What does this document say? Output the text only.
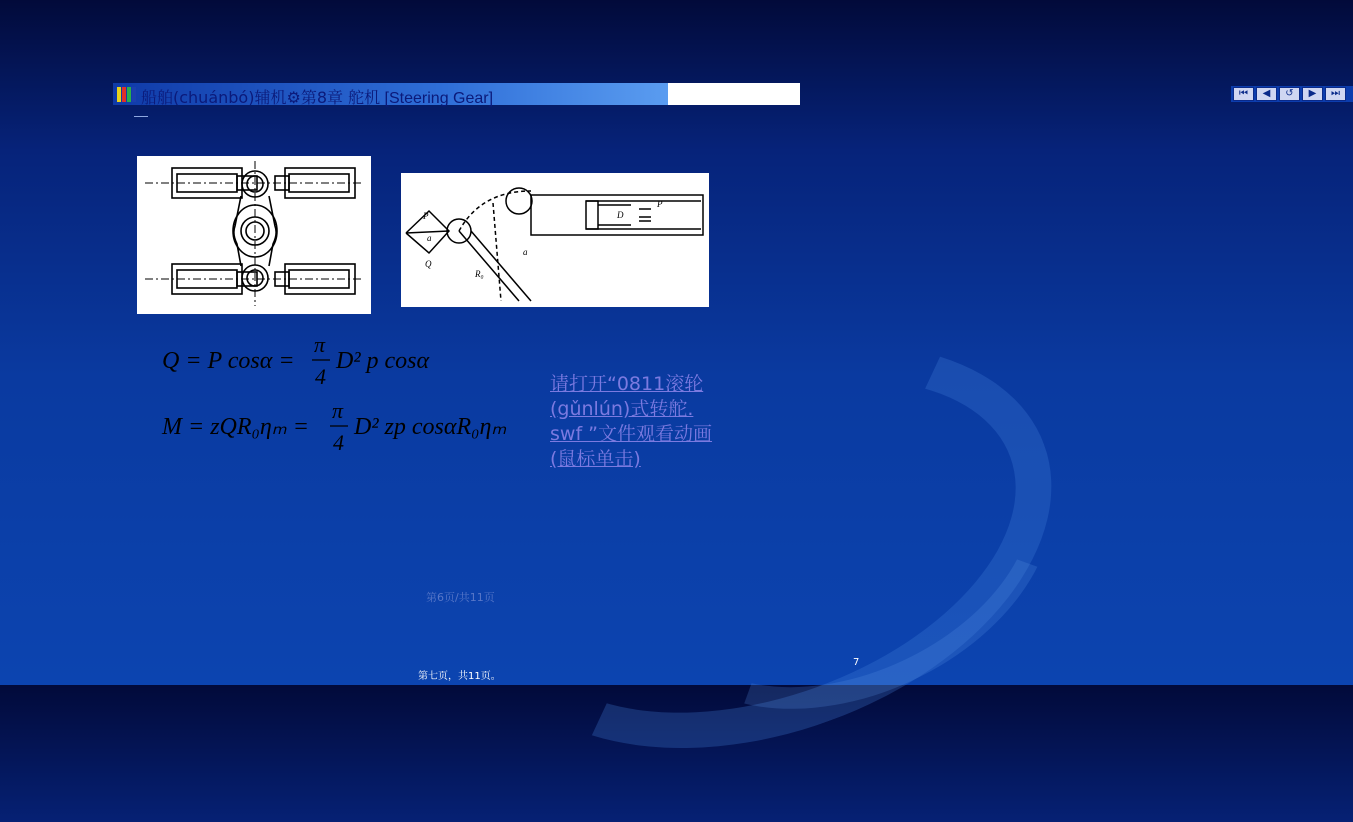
船舶(chuánbó)辅机⚙第8章 舵机 [Steering Gear]	⏮	◀	↺	▶	⏭
P
a
Q
R₀
a
D
P
Q = P cosα =
π
4
D² p cosα
M = zQR₀ηₘ =
π
4
D² zp cosαR₀ηₘ
请打开“0811滚轮
(gǔnlún)式转舵.
swf ”文件观看动画
(鼠标单击)
第6页/共11页
7
第七页，共11页。
